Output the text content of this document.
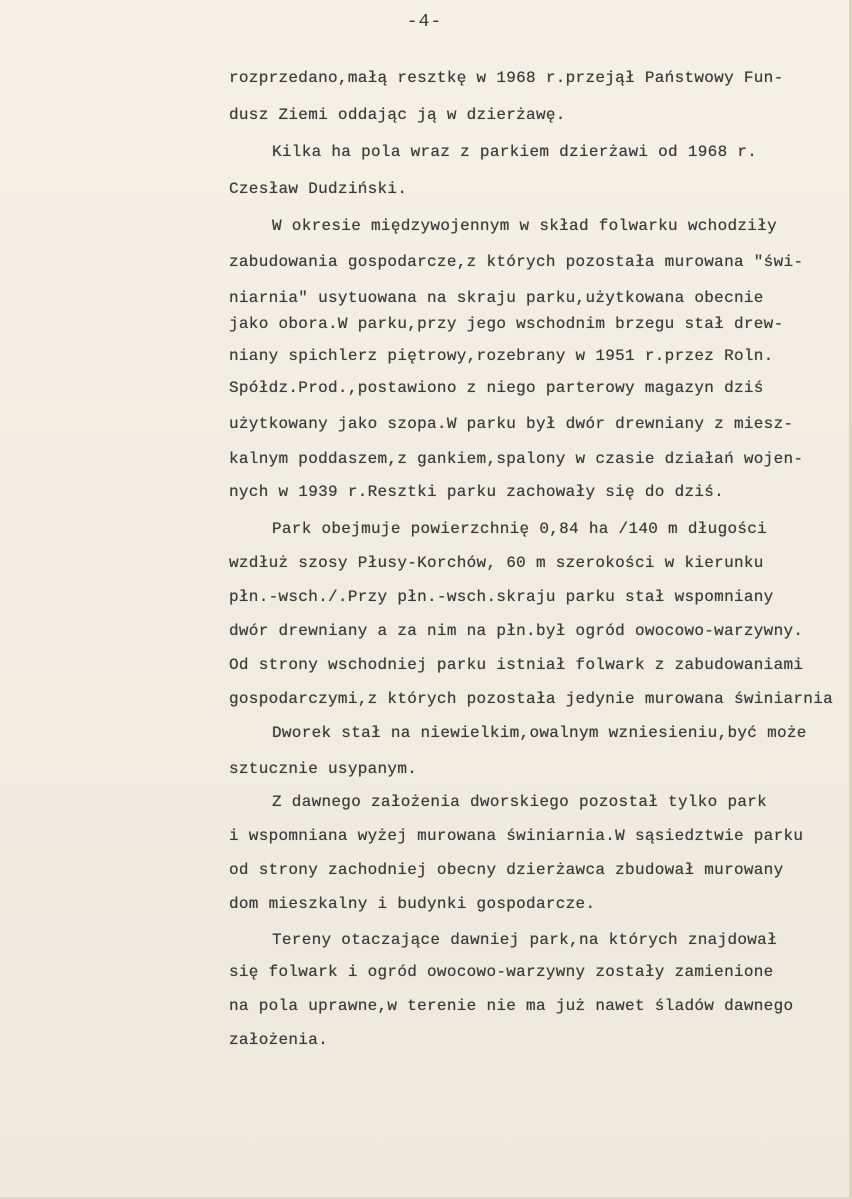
-4-
rozprzedano,małą resztkę w 1968 r.przejął Państwowy Fun-
dusz Ziemi oddając ją w dzierżawę.
Kilka ha pola wraz z parkiem dzierżawi od 1968 r.
Czesław Dudziński.
W okresie międzywojennym w skład folwarku wchodziły
zabudowania gospodarcze,z których pozostała murowana "świ-
niarnia" usytuowana na skraju parku,użytkowana obecnie
jako obora.W parku,przy jego wschodnim brzegu stał drew-
niany spichlerz piętrowy,rozebrany w 1951 r.przez Roln.
Spółdz.Prod.,postawiono z niego parterowy magazyn dziś
użytkowany jako szopa.W parku był dwór drewniany z miesz-
kalnym poddaszem,z gankiem,spalony w czasie działań wojen-
nych w 1939 r.Resztki parku zachowały się do dziś.
Park obejmuje powierzchnię 0,84 ha /140 m długości
wzdłuż szosy Płusy-Korchów, 60 m szerokości w kierunku
płn.-wsch./.Przy płn.-wsch.skraju parku stał wspomniany
dwór drewniany a za nim na płn.był ogród owocowo-warzywny.
Od strony wschodniej parku istniał folwark z zabudowaniami
gospodarczymi,z których pozostała jedynie murowana świniarnia
Dworek stał na niewielkim,owalnym wzniesieniu,być może
sztucznie usypanym.
Z dawnego założenia dworskiego pozostał tylko park
i wspomniana wyżej murowana świniarnia.W sąsiedztwie parku
od strony zachodniej obecny dzierżawca zbudował murowany
dom mieszkalny i budynki gospodarcze.
Tereny otaczające dawniej park,na których znajdował
się folwark i ogród owocowo-warzywny zostały zamienione
na pola uprawne,w terenie nie ma już nawet śladów dawnego
założenia.
